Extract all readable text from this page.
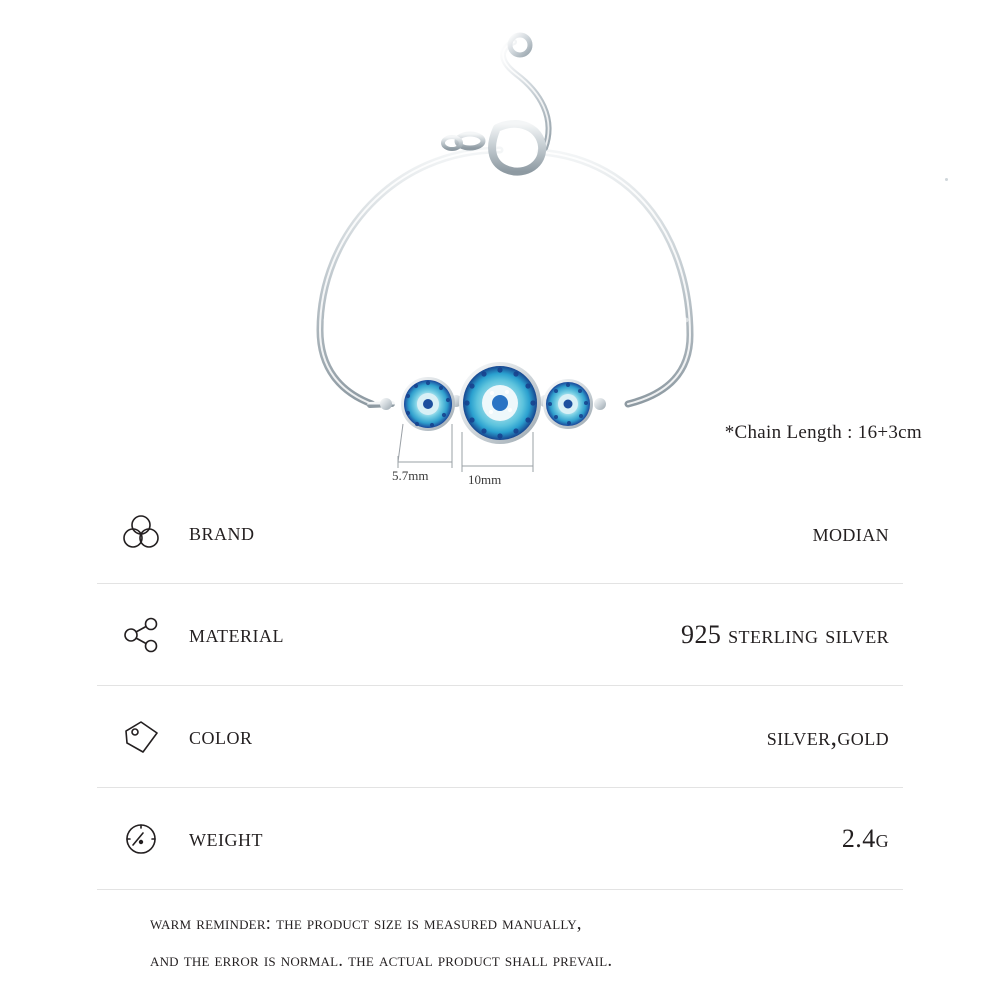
5.7mm	10mm
*Chain Length : 16+3cm
brand	modian
material	925 sterling silver
color	silver,gold
weight	2.4g
warm reminder: the product size is measured manually,
and the error is normal. the actual product shall prevail.
